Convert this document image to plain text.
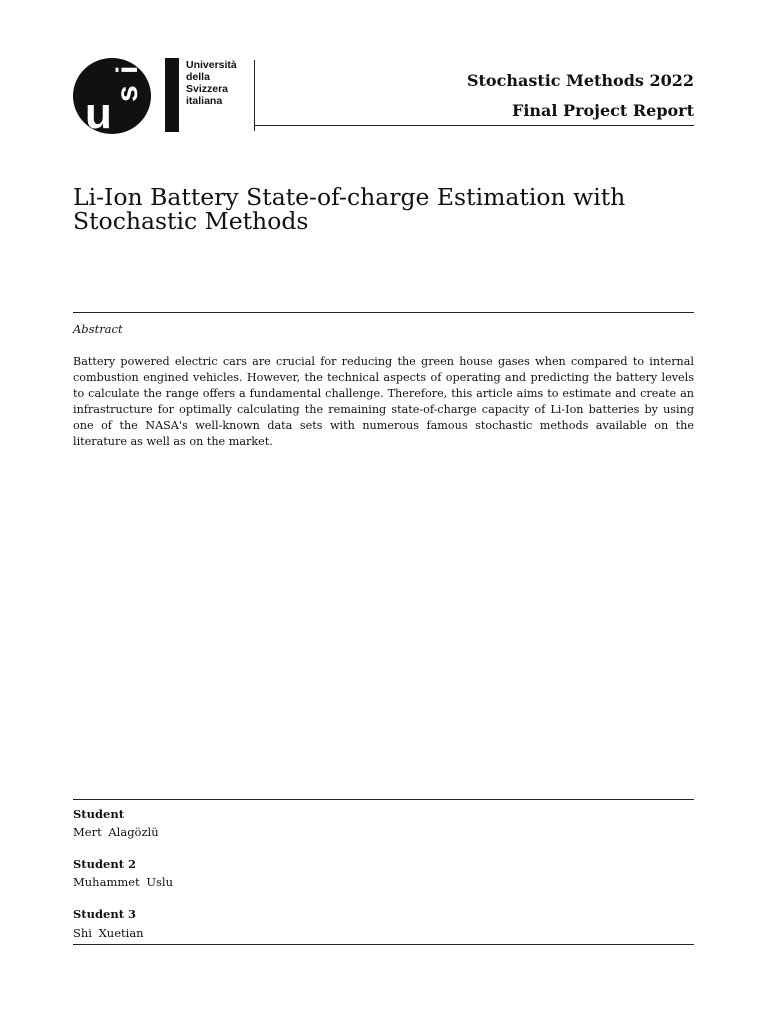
u s
i	Università
della
Svizzera
italiana
Stochastic Methods 2022
Final Project Report
Li-Ion Battery State-of-charge Estimation with Stochastic Methods
Abstract
Battery powered electric cars are crucial for reducing the green house gases when compared to internal combustion engined vehicles. However, the technical aspects of operating and predicting the battery levels to calculate the range offers a fundamental challenge. Therefore, this article aims to estimate and create an infrastructure for optimally calculating the remaining state-of-charge capacity of Li-Ion batteries by using one of the NASA's well-known data sets with numerous famous stochastic methods available on the literature as well as on the market.
Student
Mert Alagözlü
Student 2
Muhammet Uslu
Student 3
Shi Xuetian
